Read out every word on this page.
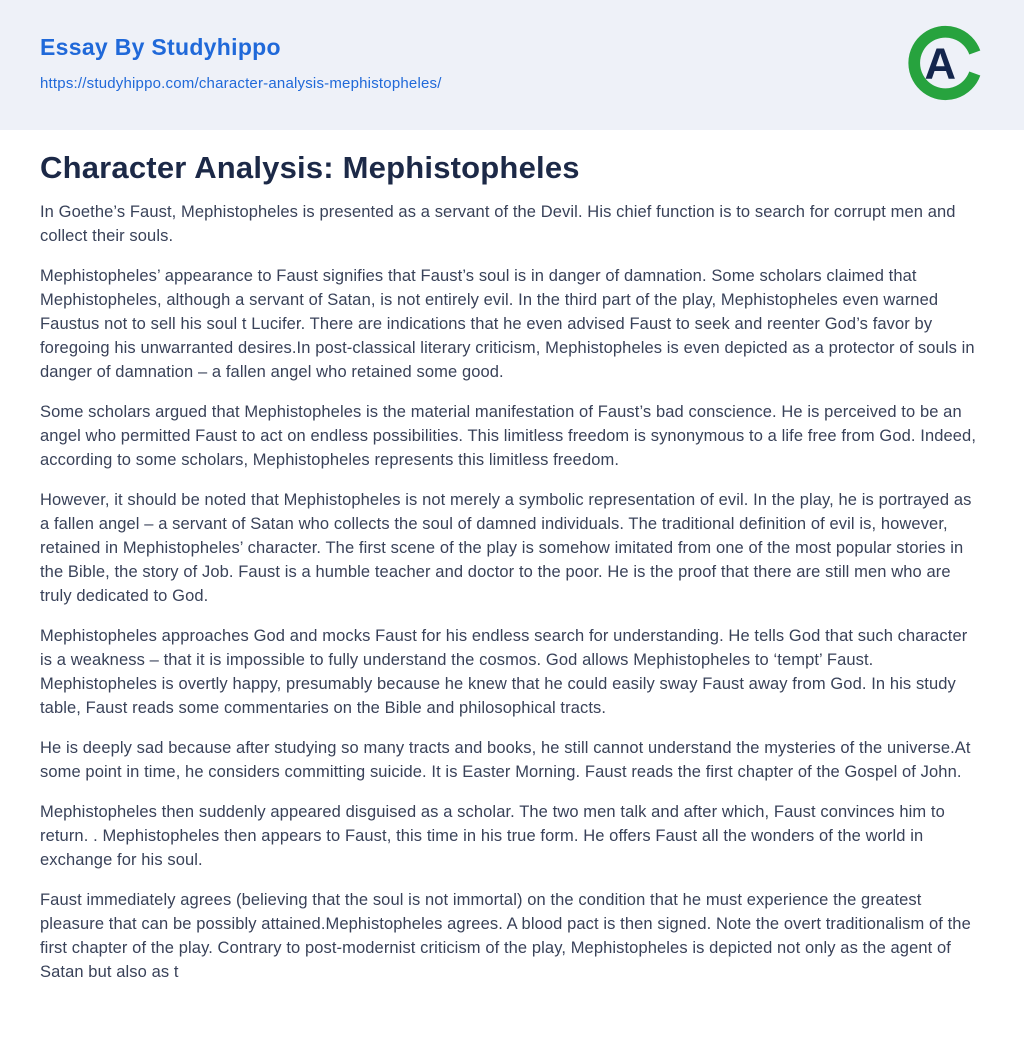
Essay By Studyhippo
https://studyhippo.com/character-analysis-mephistopheles/	A
Character Analysis: Mephistopheles

In Goethe’s Faust, Mephistopheles is presented as a servant of the Devil. His chief function is to search for corrupt men and collect their souls.

Mephistopheles’ appearance to Faust signifies that Faust’s soul is in danger of damnation. Some scholars claimed that Mephistopheles, although a servant of Satan, is not entirely evil. In the third part of the play, Mephistopheles even warned Faustus not to sell his soul t Lucifer. There are indications that he even advised Faust to seek and reenter God’s favor by foregoing his unwarranted desires.In post-classical literary criticism, Mephistopheles is even depicted as a protector of souls in danger of damnation – a fallen angel who retained some good.

Some scholars argued that Mephistopheles is the material manifestation of Faust’s bad conscience. He is perceived to be an angel who permitted Faust to act on endless possibilities. This limitless freedom is synonymous to a life free from God. Indeed, according to some scholars, Mephistopheles represents this limitless freedom.

However, it should be noted that Mephistopheles is not merely a symbolic representation of evil. In the play, he is portrayed as a fallen angel – a servant of Satan who collects the soul of damned individuals. The traditional definition of evil is, however, retained in Mephistopheles’ character. The first scene of the play is somehow imitated from one of the most popular stories in the Bible, the story of Job. Faust is a humble teacher and doctor to the poor. He is the proof that there are still men who are truly dedicated to God.

Mephistopheles approaches God and mocks Faust for his endless search for understanding. He tells God that such character is a weakness – that it is impossible to fully understand the cosmos. God allows Mephistopheles to ‘tempt’ Faust. Mephistopheles is overtly happy, presumably because he knew that he could easily sway Faust away from God. In his study table, Faust reads some commentaries on the Bible and philosophical tracts.

He is deeply sad because after studying so many tracts and books, he still cannot understand the mysteries of the universe.At some point in time, he considers committing suicide. It is Easter Morning. Faust reads the first chapter of the Gospel of John.

Mephistopheles then suddenly appeared disguised as a scholar. The two men talk and after which, Faust convinces him to return. . Mephistopheles then appears to Faust, this time in his true form. He offers Faust all the wonders of the world in exchange for his soul.

Faust immediately agrees (believing that the soul is not immortal) on the condition that he must experience the greatest pleasure that can be possibly attained.Mephistopheles agrees. A blood pact is then signed. Note the overt traditionalism of the first chapter of the play. Contrary to post-modernist criticism of the play, Mephistopheles is depicted not only as the agent of Satan but also as t
